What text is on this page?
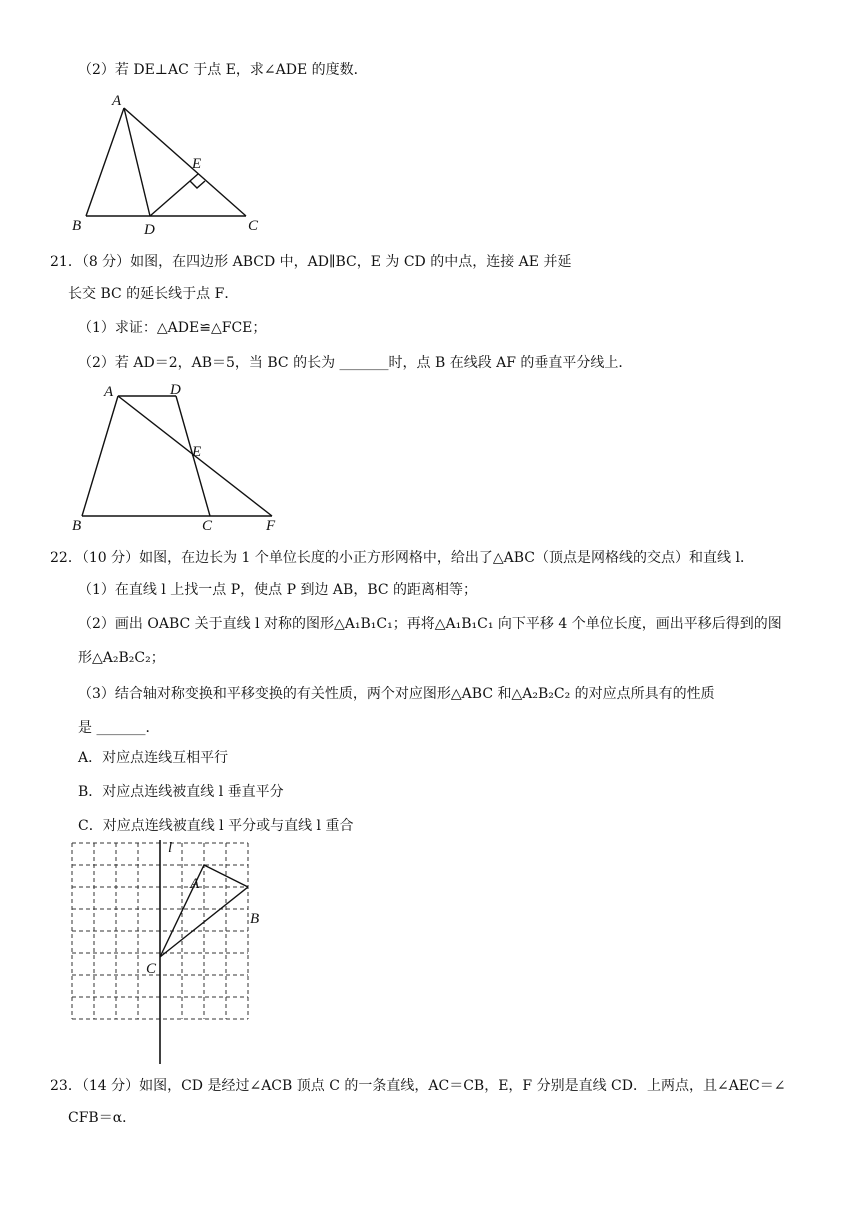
（2）若 DE⊥AC 于点 E，求∠ADE 的度数．
A
B	D
E
C
21．（8 分）如图，在四边形 ABCD 中，AD∥BC，E 为 CD 的中点，连接 AE 并延
长交 BC 的延长线于点 F．
（1）求证：△ADE≌△FCE；
（2）若 AD＝2，AB＝5，当 BC 的长为 _______时，点 B 在线段 AF 的垂直平分线上．
A	D
E
B	C	F
22．（10 分）如图，在边长为 1 个单位长度的小正方形网格中，给出了△ABC（顶点是网格线的交点）和直线 l．
（1）在直线 l 上找一点 P，使点 P 到边 AB，BC 的距离相等；
（2）画出 OABC 关于直线 l 对称的图形△A₁B₁C₁；再将△A₁B₁C₁ 向下平移 4 个单位长度，画出平移后得到的图
形△A₂B₂C₂；
（3）结合轴对称变换和平移变换的有关性质，两个对应图形△ABC 和△A₂B₂C₂ 的对应点所具有的性质
是 _______．
A．对应点连线互相平行
B．对应点连线被直线 l 垂直平分
C．对应点连线被直线 l 平分或与直线 l 重合
l
A
B
C
23．（14 分）如图，CD 是经过∠ACB 顶点 C 的一条直线，AC＝CB，E，F 分别是直线 CD．上两点，且∠AEC＝∠
CFB＝α．
